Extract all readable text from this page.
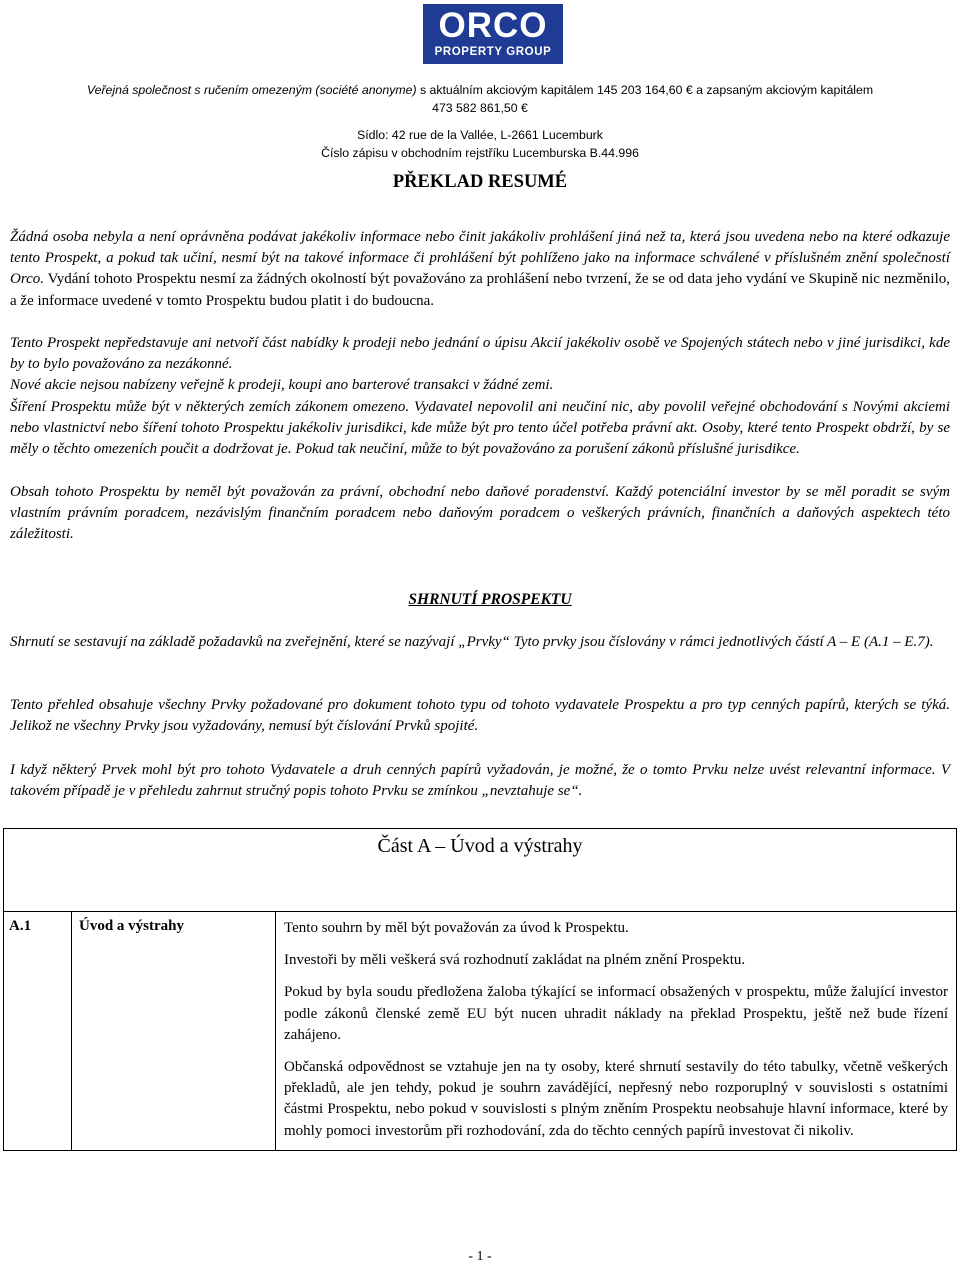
ORCO
PROPERTY GROUP
Veřejná společnost s ručením omezeným (société anonyme) s aktuálním akciovým kapitálem 145 203 164,60 € a zapsaným akciovým kapitálem
473 582 861,50 €
Sídlo: 42 rue de la Vallée, L-2661 Lucemburk
Číslo zápisu v obchodním rejstříku Lucemburska B.44.996
PŘEKLAD RESUMÉ

Žádná osoba nebyla a není oprávněna podávat jakékoliv informace nebo činit jakákoliv prohlášení jiná než ta, která jsou uvedena nebo na které odkazuje tento Prospekt, a pokud tak učiní, nesmí být na takové informace či prohlášení být pohlíženo jako na informace schválené v příslušném znění společností Orco. Vydání tohoto Prospektu nesmí za žádných okolností být považováno za prohlášení nebo tvrzení, že se od data jeho vydání ve Skupině nic nezměnilo, a že informace uvedené v tomto Prospektu budou platit i do budoucna.

Tento Prospekt nepředstavuje ani netvoří část nabídky k prodeji nebo jednání o úpisu Akcií jakékoliv osobě ve Spojených státech nebo v jiné jurisdikci, kde by to bylo považováno za nezákonné.

Nové akcie nejsou nabízeny veřejně k prodeji, koupi ano barterové transakci v žádné zemi.

Šíření Prospektu může být v některých zemích zákonem omezeno. Vydavatel nepovolil ani neučiní nic, aby povolil veřejné obchodování s Novými akciemi nebo vlastnictví nebo šíření tohoto Prospektu jakékoliv jurisdikci, kde může být pro tento účel potřeba právní akt. Osoby, které tento Prospekt obdrží, by se měly o těchto omezeních poučit a dodržovat je. Pokud tak neučiní, může to být považováno za porušení zákonů příslušné jurisdikce.

Obsah tohoto Prospektu by neměl být považován za právní, obchodní nebo daňové poradenství. Každý potenciální investor by se měl poradit se svým vlastním právním poradcem, nezávislým finančním poradcem nebo daňovým poradcem o veškerých právních, finančních a daňových aspektech této záležitosti.

SHRNUTÍ PROSPEKTU

Shrnutí se sestavují na základě požadavků na zveřejnění, které se nazývají „Prvky“ Tyto prvky jsou číslovány v rámci jednotlivých částí A – E (A.1 – E.7).

Tento přehled obsahuje všechny Prvky požadované pro dokument tohoto typu od tohoto vydavatele Prospektu a pro typ cenných papírů, kterých se týká. Jelikož ne všechny Prvky jsou vyžadovány, nemusí být číslování Prvků spojité.

I když některý Prvek mohl být pro tohoto Vydavatele a druh cenných papírů vyžadován, je možné, že o tomto Prvku nelze uvést relevantní informace. V takovém případě je v přehledu zahrnut stručný popis tohoto Prvku se zmínkou „nevztahuje se“.

Část A – Úvod a výstrahy
A.1	Úvod a výstrahy	Tento souhrn by měl být považován za úvod k Prospektu.

Investoři by měli veškerá svá rozhodnutí zakládat na plném znění Prospektu.

Pokud by byla soudu předložena žaloba týkající se informací obsažených v prospektu, může žalující investor podle zákonů členské země EU být nucen uhradit náklady na překlad Prospektu, ještě než bude řízení zahájeno.

Občanská odpovědnost se vztahuje jen na ty osoby, které shrnutí sestavily do této tabulky, včetně veškerých překladů, ale jen tehdy, pokud je souhrn zavádějící, nepřesný nebo rozporuplný v souvislosti s ostatními částmi Prospektu, nebo pokud v souvislosti s plným zněním Prospektu neobsahuje hlavní informace, které by mohly pomoci investorům při rozhodování, zda do těchto cenných papírů investovat či nikoliv.

- 1 -
